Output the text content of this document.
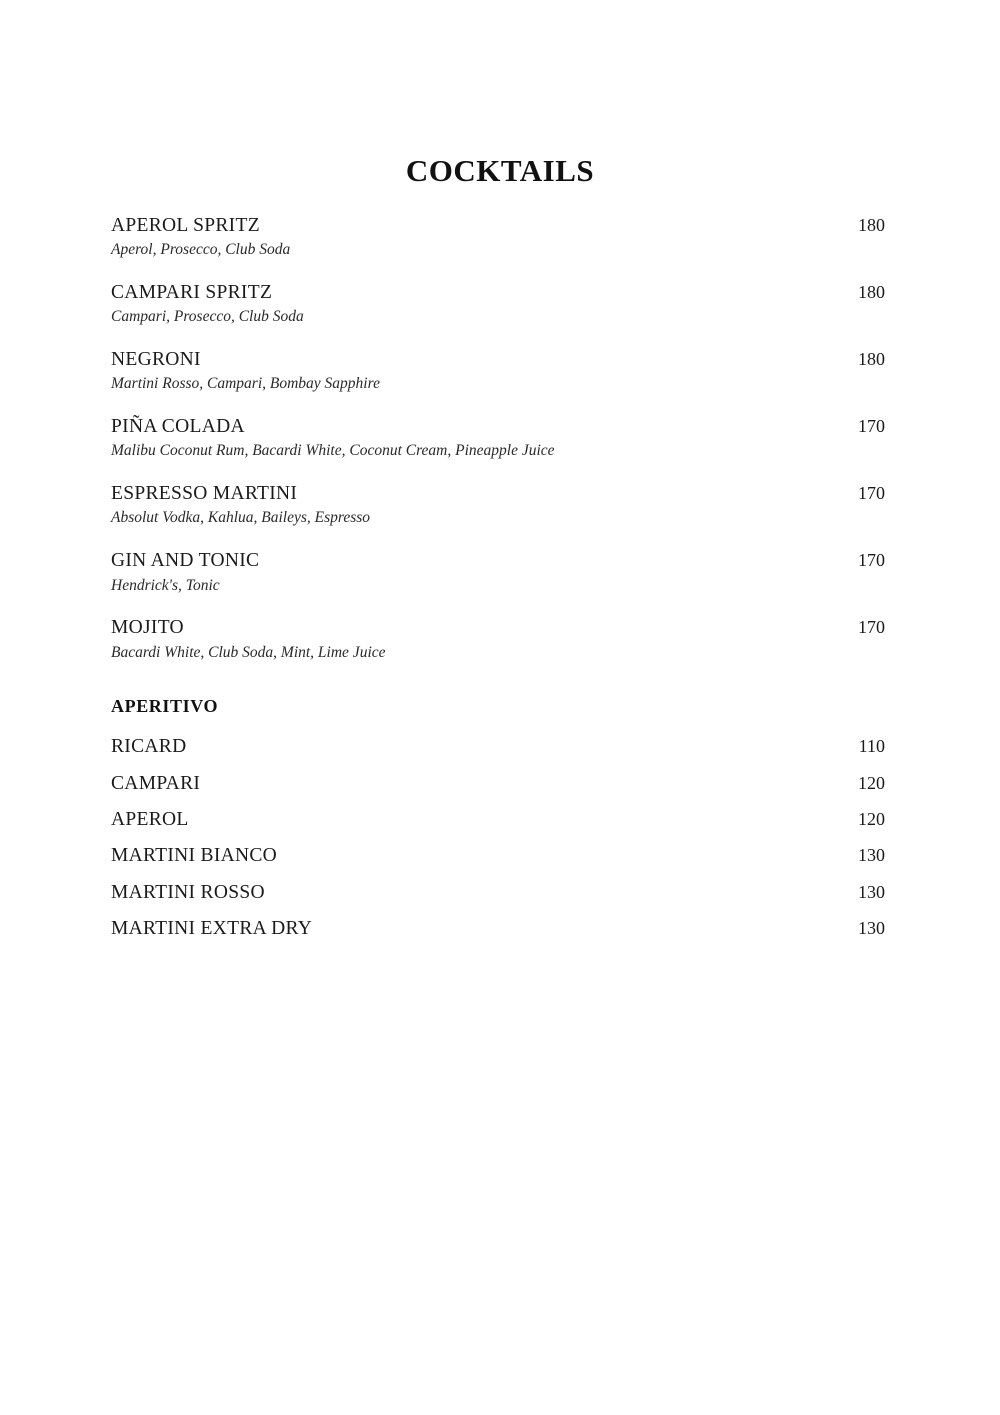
COCKTAILS
APEROL SPRITZ	180
Aperol, Prosecco, Club Soda
CAMPARI SPRITZ	180
Campari, Prosecco, Club Soda
NEGRONI	180
Martini Rosso, Campari, Bombay Sapphire
PIÑA COLADA	170
Malibu Coconut Rum, Bacardi White, Coconut Cream, Pineapple Juice
ESPRESSO MARTINI	170
Absolut Vodka, Kahlua, Baileys, Espresso
GIN AND TONIC	170
Hendrick's, Tonic
MOJITO	170
Bacardi White, Club Soda, Mint, Lime Juice
APERITIVO
RICARD	110
CAMPARI	120
APEROL	120
MARTINI BIANCO	130
MARTINI ROSSO	130
MARTINI EXTRA DRY	130
